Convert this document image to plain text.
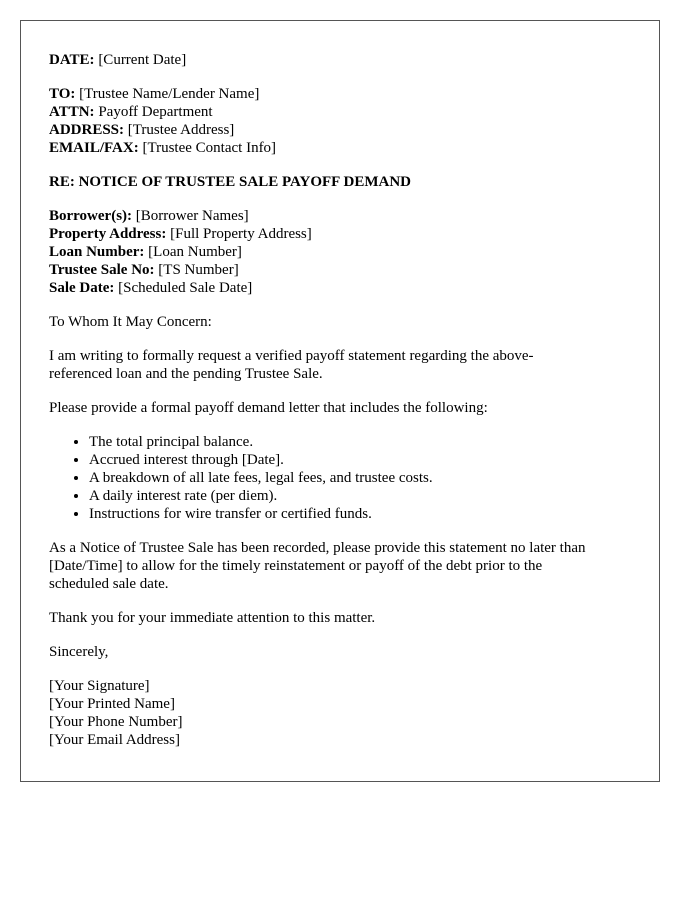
DATE: [Current Date]
TO: [Trustee Name/Lender Name]
ATTN: Payoff Department
ADDRESS: [Trustee Address]
EMAIL/FAX: [Trustee Contact Info]
RE: NOTICE OF TRUSTEE SALE PAYOFF DEMAND
Borrower(s): [Borrower Names]
Property Address: [Full Property Address]
Loan Number: [Loan Number]
Trustee Sale No: [TS Number]
Sale Date: [Scheduled Sale Date]

To Whom It May Concern:

I am writing to formally request a verified payoff statement regarding the above-
referenced loan and the pending Trustee Sale.

Please provide a formal payoff demand letter that includes the following:

• The total principal balance.
• Accrued interest through [Date].
• A breakdown of all late fees, legal fees, and trustee costs.
• A daily interest rate (per diem).
• Instructions for wire transfer or certified funds.

As a Notice of Trustee Sale has been recorded, please provide this statement no later than
[Date/Time] to allow for the timely reinstatement or payoff of the debt prior to the
scheduled sale date.

Thank you for your immediate attention to this matter.

Sincerely,

[Your Signature]
[Your Printed Name]
[Your Phone Number]
[Your Email Address]
